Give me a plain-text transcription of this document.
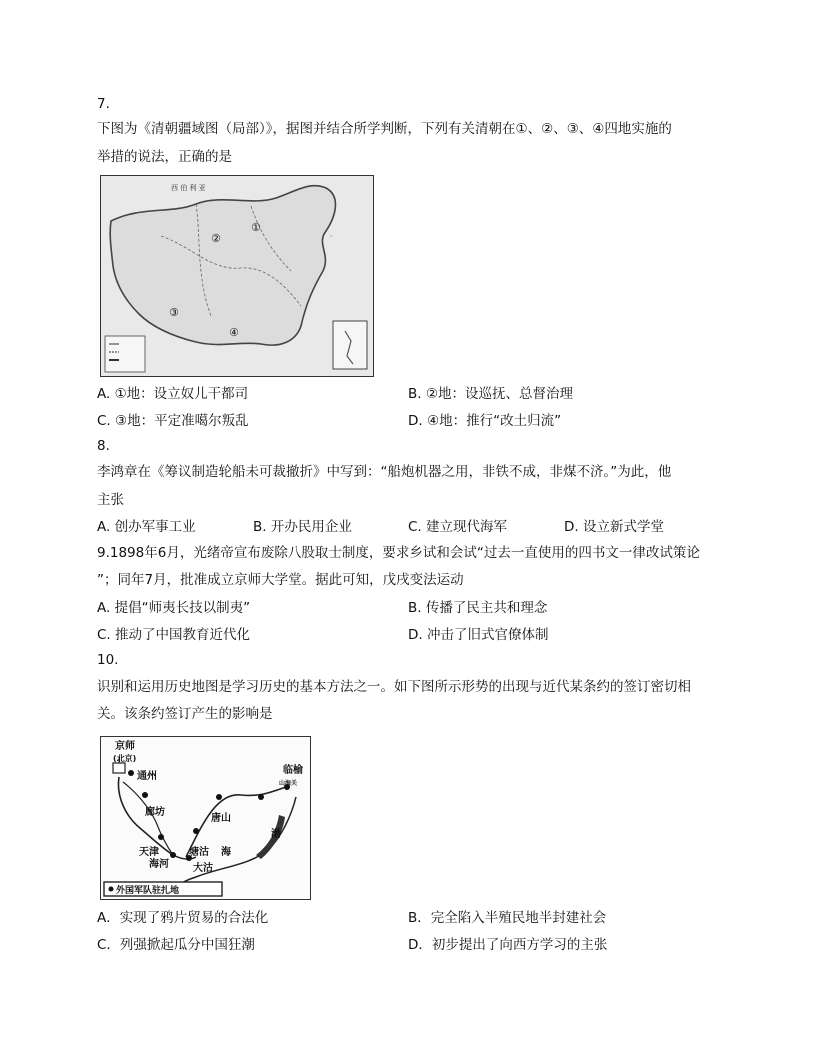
7.
下图为《清朝疆域图（局部）》，据图并结合所学判断，下列有关清朝在①、②、③、④四地实施的
举措的说法，正确的是
西 伯 利 亚
①
②
③
④
A. ①地：设立奴儿干都司	B. ②地：设巡抚、总督治理
C. ③地：平定准噶尔叛乱	D. ④地：推行“改土归流”
8.
李鸿章在《筹议制造轮船未可裁撤折》中写到：“船炮机器之用，非铁不成，非煤不济。”为此，他
主张
A. 创办军事工业	B. 开办民用企业	C. 建立现代海军	D. 设立新式学堂
9.1898年6月，光绪帝宣布废除八股取士制度，要求乡试和会试“过去一直使用的四书文一律改试策论
”；同年7月，批准成立京师大学堂。据此可知，戊戌变法运动
A. 提倡“师夷长技以制夷”	B. 传播了民主共和理念
C. 推动了中国教育近代化	D. 冲击了旧式官僚体制
10.
识别和运用历史地图是学习历史的基本方法之一。如下图所示形势的出现与近代某条约的签订密切相
关。该条约签订产生的影响是
京师
(北京)
通州
廊坊
唐山
临榆
山海关
渤
海
天津
海河
塘沽
大沽
外国军队驻扎地
A．实现了鸦片贸易的合法化	B．完全陷入半殖民地半封建社会
C．列强掀起瓜分中国狂潮	D．初步提出了向西方学习的主张
